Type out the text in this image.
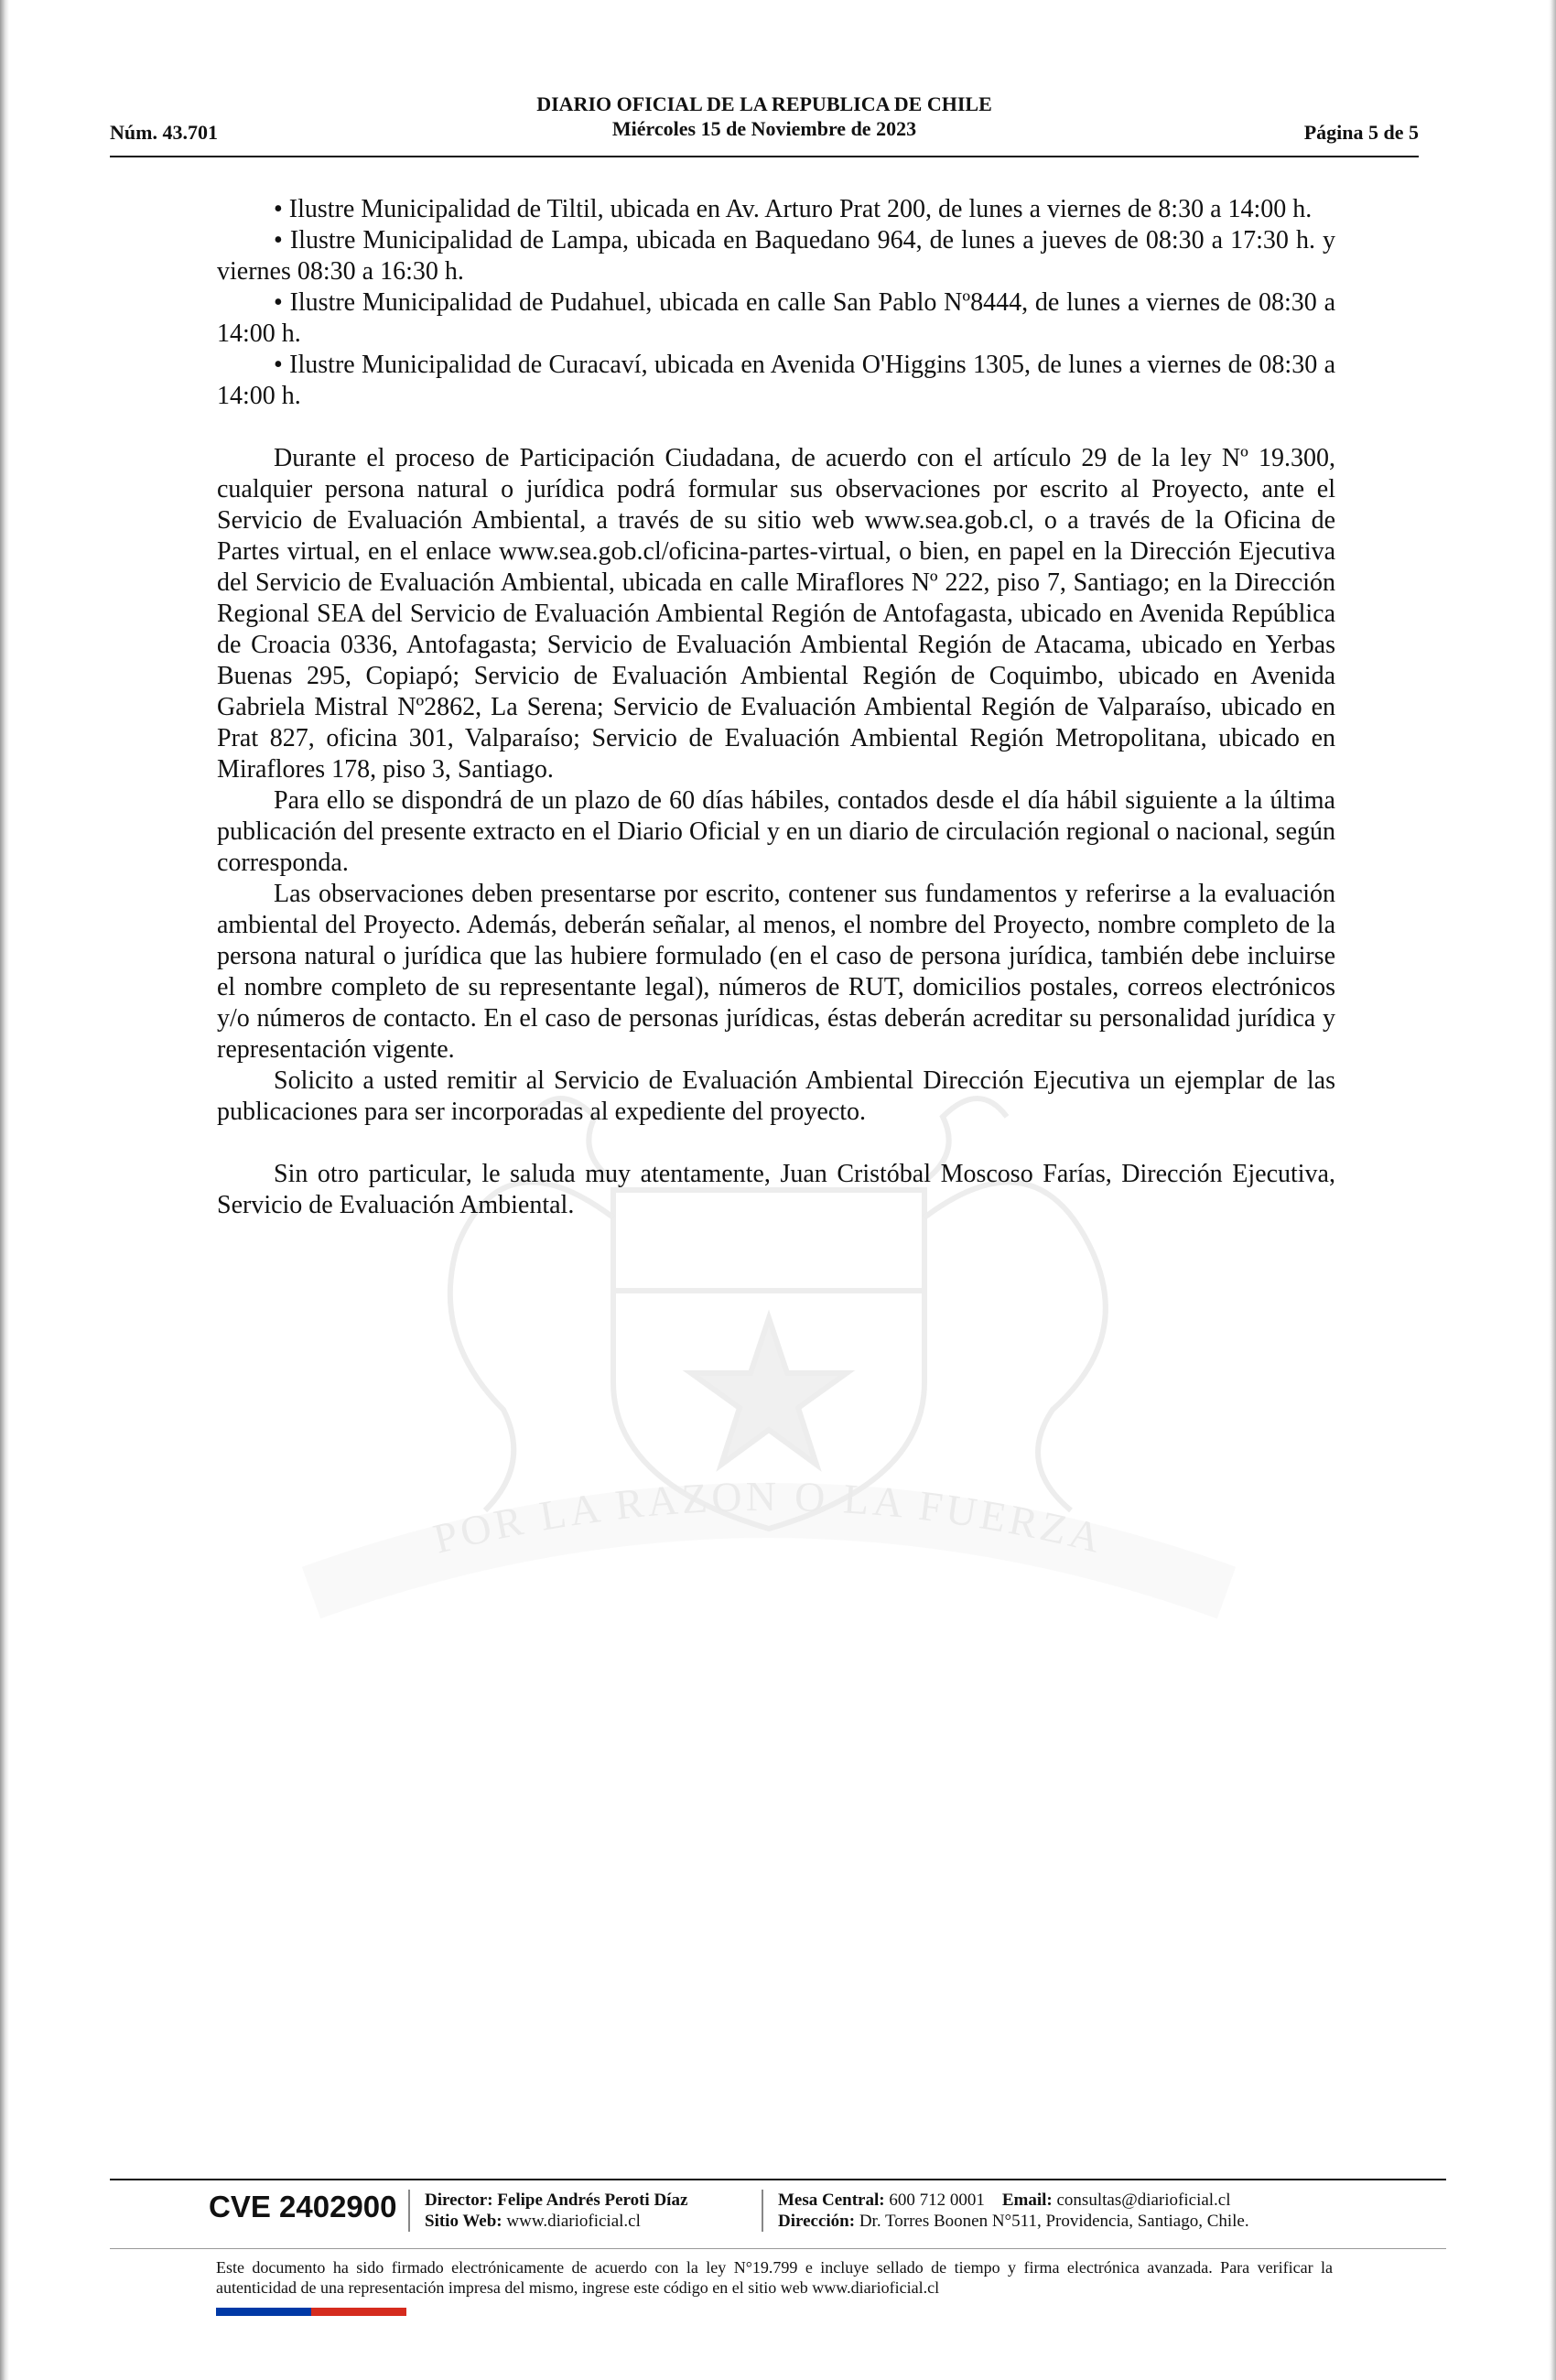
POR LA RAZON O LA FUERZA
DIARIO OFICIAL DE LA REPUBLICA DE CHILE
Miércoles 15 de Noviembre de 2023
Núm. 43.701	Página 5 de 5

• Ilustre Municipalidad de Tiltil, ubicada en Av. Arturo Prat 200, de lunes a viernes de 8:30 a 14:00 h.

• Ilustre Municipalidad de Lampa, ubicada en Baquedano 964, de lunes a jueves de 08:30 a 17:30 h. y viernes 08:30 a 16:30 h.

• Ilustre Municipalidad de Pudahuel, ubicada en calle San Pablo Nº8444, de lunes a viernes de 08:30 a 14:00 h.

• Ilustre Municipalidad de Curacaví, ubicada en Avenida O'Higgins 1305, de lunes a viernes de 08:30 a 14:00 h.

Durante el proceso de Participación Ciudadana, de acuerdo con el artículo 29 de la ley Nº 19.300, cualquier persona natural o jurídica podrá formular sus observaciones por escrito al Proyecto, ante el Servicio de Evaluación Ambiental, a través de su sitio web www.sea.gob.cl, o a través de la Oficina de Partes virtual, en el enlace www.sea.gob.cl/oficina-partes-virtual, o bien, en papel en la Dirección Ejecutiva del Servicio de Evaluación Ambiental, ubicada en calle Miraflores Nº 222, piso 7, Santiago; en la Dirección Regional SEA del Servicio de Evaluación Ambiental Región de Antofagasta, ubicado en Avenida República de Croacia 0336, Antofagasta; Servicio de Evaluación Ambiental Región de Atacama, ubicado en Yerbas Buenas 295, Copiapó; Servicio de Evaluación Ambiental Región de Coquimbo, ubicado en Avenida Gabriela Mistral Nº2862, La Serena; Servicio de Evaluación Ambiental Región de Valparaíso, ubicado en Prat 827, oficina 301, Valparaíso; Servicio de Evaluación Ambiental Región Metropolitana, ubicado en Miraflores 178, piso 3, Santiago.

Para ello se dispondrá de un plazo de 60 días hábiles, contados desde el día hábil siguiente a la última publicación del presente extracto en el Diario Oficial y en un diario de circulación regional o nacional, según corresponda.

Las observaciones deben presentarse por escrito, contener sus fundamentos y referirse a la evaluación ambiental del Proyecto. Además, deberán señalar, al menos, el nombre del Proyecto, nombre completo de la persona natural o jurídica que las hubiere formulado (en el caso de persona jurídica, también debe incluirse el nombre completo de su representante legal), números de RUT, domicilios postales, correos electrónicos y/o números de contacto. En el caso de personas jurídicas, éstas deberán acreditar su personalidad jurídica y representación vigente.

Solicito a usted remitir al Servicio de Evaluación Ambiental Dirección Ejecutiva un ejemplar de las publicaciones para ser incorporadas al expediente del proyecto.

Sin otro particular, le saluda muy atentamente, Juan Cristóbal Moscoso Farías, Dirección Ejecutiva, Servicio de Evaluación Ambiental.

CVE 2402900 Director: Felipe Andrés Peroti Díaz
Sitio Web: www.diarioficial.cl
Mesa Central: 600 712 0001 Email: consultas@diarioficial.cl
Dirección: Dr. Torres Boonen N°511, Providencia, Santiago, Chile.
Este documento ha sido firmado electrónicamente de acuerdo con la ley N°19.799 e incluye sellado de tiempo y firma electrónica avanzada. Para verificar la autenticidad de una representación impresa del mismo, ingrese este código en el sitio web www.diarioficial.cl
